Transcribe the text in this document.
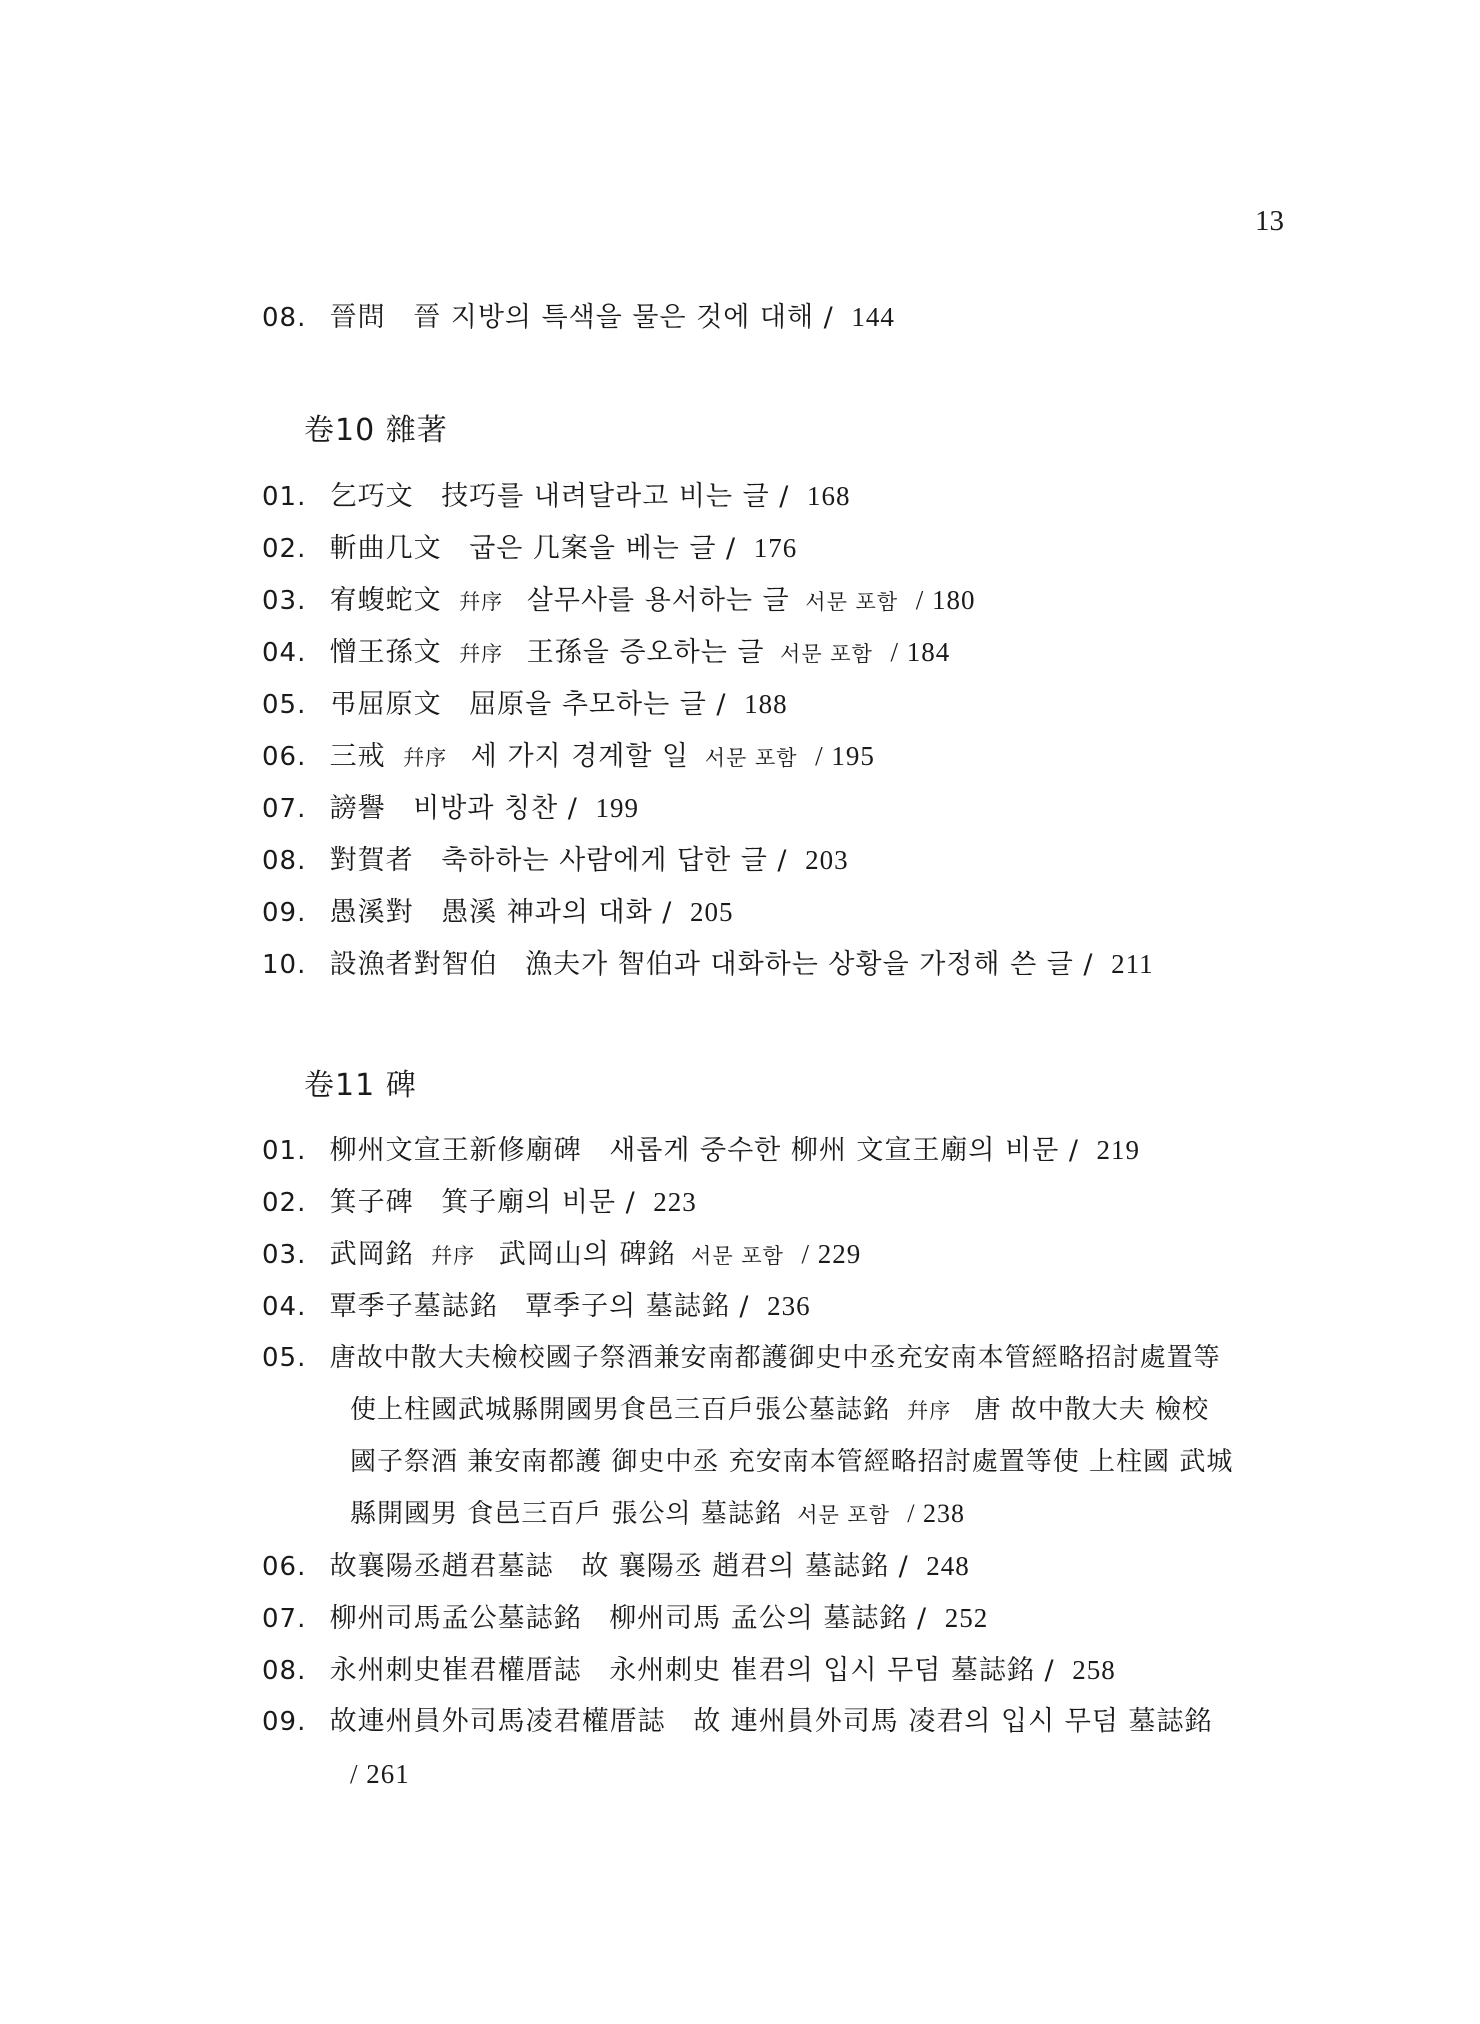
13
08. 晉問 晉 지방의 특색을 물은 것에 대해 / 144
卷10 雜著
01. 乞巧文 技巧를 내려달라고 비는 글 / 168
02. 斬曲几文 굽은 几案을 베는 글 / 176
03. 宥蝮蛇文 幷序 살무사를 용서하는 글 서문 포함 / 180
04. 憎王孫文 幷序 王孫을 증오하는 글 서문 포함 / 184
05. 弔屈原文 屈原을 추모하는 글 / 188
06. 三戒 幷序 세 가지 경계할 일 서문 포함 / 195
07. 謗譽 비방과 칭찬 / 199
08. 對賀者 축하하는 사람에게 답한 글 / 203
09. 愚溪對 愚溪 神과의 대화 / 205
10. 設漁者對智伯 漁夫가 智伯과 대화하는 상황을 가정해 쓴 글 / 211
卷11 碑
01. 柳州文宣王新修廟碑 새롭게 중수한 柳州 文宣王廟의 비문 / 219
02. 箕子碑 箕子廟의 비문 / 223
03. 武岡銘 幷序 武岡山의 碑銘 서문 포함 / 229
04. 覃季子墓誌銘 覃季子의 墓誌銘 / 236
05. 唐故中散大夫檢校國子祭酒兼安南都護御史中丞充安南本管經略招討處置等
使上柱國武城縣開國男食邑三百戶張公墓誌銘 幷序 唐 故中散大夫 檢校
國子祭酒 兼安南都護 御史中丞 充安南本管經略招討處置等使 上柱國 武城
縣開國男 食邑三百戶 張公의 墓誌銘 서문 포함 / 238
06. 故襄陽丞趙君墓誌 故 襄陽丞 趙君의 墓誌銘 / 248
07. 柳州司馬孟公墓誌銘 柳州司馬 孟公의 墓誌銘 / 252
08. 永州刺史崔君權厝誌 永州刺史 崔君의 입시 무덤 墓誌銘 / 258
09. 故連州員外司馬凌君權厝誌 故 連州員外司馬 凌君의 입시 무덤 墓誌銘
/ 261
